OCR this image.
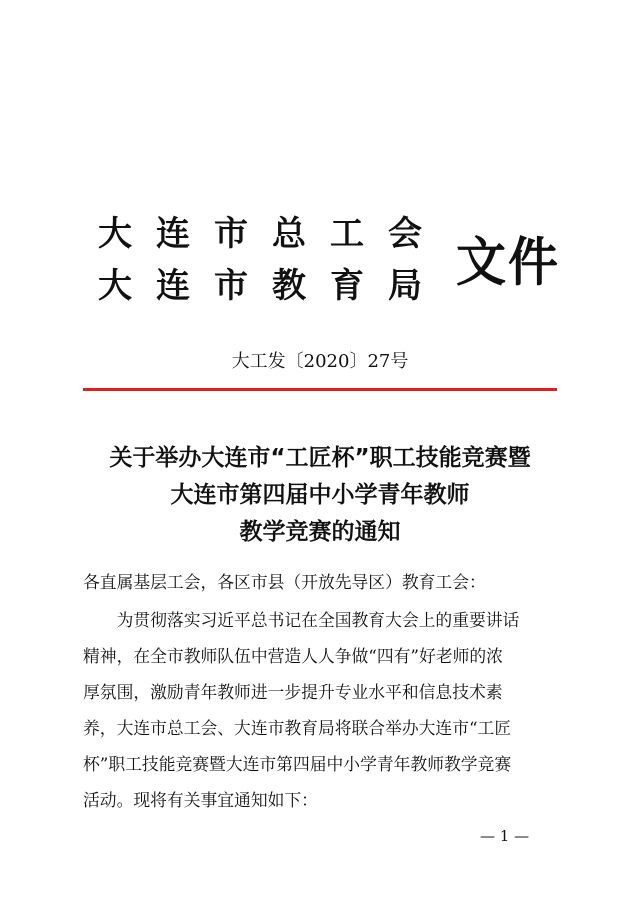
大连市总工会
大连市教育局 文件
大工发〔2020〕27号
关于举办大连市“工匠杯”职工技能竞赛暨
大连市第四届中小学青年教师
教学竞赛的通知
各直属基层工会，各区市县（开放先导区）教育工会：
　　为贯彻落实习近平总书记在全国教育大会上的重要讲话
精神，在全市教师队伍中营造人人争做“四有”好老师的浓
厚氛围，激励青年教师进一步提升专业水平和信息技术素
养，大连市总工会、大连市教育局将联合举办大连市“工匠
杯”职工技能竞赛暨大连市第四届中小学青年教师教学竞赛
活动。现将有关事宜通知如下：
— 1 —
